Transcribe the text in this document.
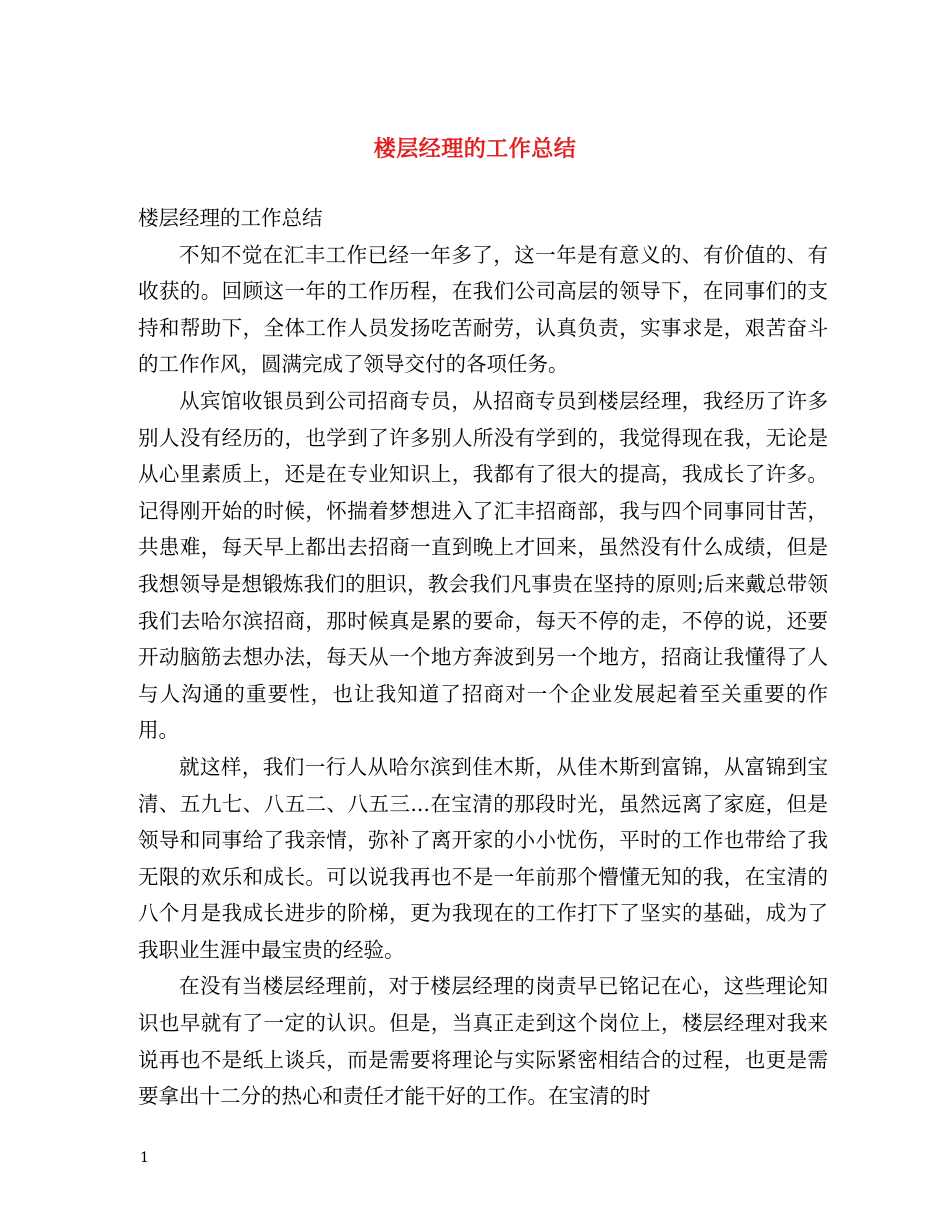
楼层经理的工作总结

楼层经理的工作总结

不知不觉在汇丰工作已经一年多了，这一年是有意义的、有价值的、有收获的。回顾这一年的工作历程，在我们公司高层的领导下，在同事们的支持和帮助下，全体工作人员发扬吃苦耐劳，认真负责，实事求是，艰苦奋斗的工作作风，圆满完成了领导交付的各项任务。

从宾馆收银员到公司招商专员，从招商专员到楼层经理，我经历了许多别人没有经历的，也学到了许多别人所没有学到的，我觉得现在我，无论是从心里素质上，还是在专业知识上，我都有了很大的提高，我成长了许多。记得刚开始的时候，怀揣着梦想进入了汇丰招商部，我与四个同事同甘苦，共患难，每天早上都出去招商一直到晚上才回来，虽然没有什么成绩，但是我想领导是想锻炼我们的胆识，教会我们凡事贵在坚持的原则;后来戴总带领我们去哈尔滨招商，那时候真是累的要命，每天不停的走，不停的说，还要开动脑筋去想办法，每天从一个地方奔波到另一个地方，招商让我懂得了人与人沟通的重要性，也让我知道了招商对一个企业发展起着至关重要的作用。

就这样，我们一行人从哈尔滨到佳木斯，从佳木斯到富锦，从富锦到宝清、五九七、八五二、八五三...在宝清的那段时光，虽然远离了家庭，但是领导和同事给了我亲情，弥补了离开家的小小忧伤，平时的工作也带给了我无限的欢乐和成长。可以说我再也不是一年前那个懵懂无知的我，在宝清的八个月是我成长进步的阶梯，更为我现在的工作打下了坚实的基础，成为了我职业生涯中最宝贵的经验。

在没有当楼层经理前，对于楼层经理的岗责早已铭记在心，这些理论知识也早就有了一定的认识。但是，当真正走到这个岗位上，楼层经理对我来说再也不是纸上谈兵，而是需要将理论与实际紧密相结合的过程，也更是需要拿出十二分的热心和责任才能干好的工作。在宝清的时

1
